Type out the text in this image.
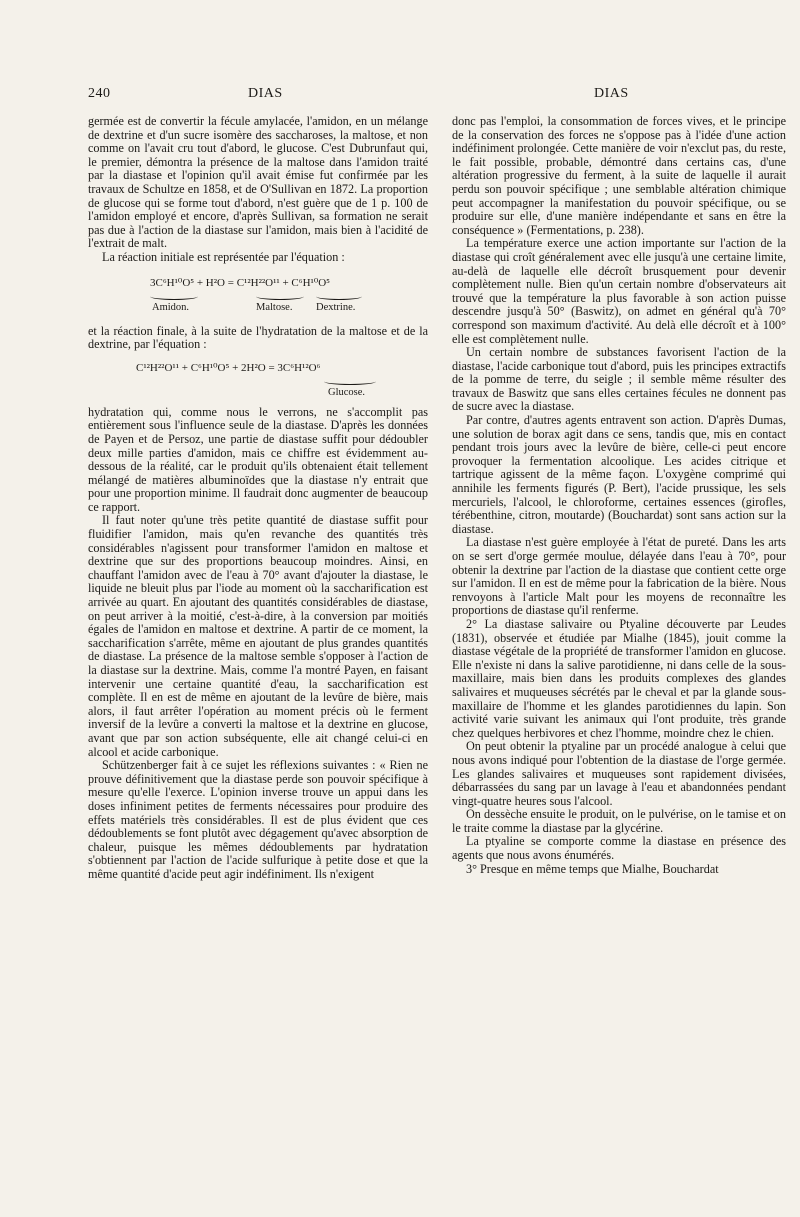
240	DIAS	DIAS

germée est de convertir la fécule amylacée, l'amidon, en un mélange de dextrine et d'un sucre isomère des saccharoses, la maltose, et non comme on l'avait cru tout d'abord, le glucose. C'est Dubrunfaut qui, le premier, démontra la présence de la maltose dans l'amidon traité par la diastase et l'opinion qu'il avait émise fut confirmée par les travaux de Schultze en 1858, et de O'Sullivan en 1872. La proportion de glucose qui se forme tout d'abord, n'est guère que de 1 p. 100 de l'amidon employé et encore, d'après Sullivan, sa formation ne serait pas due à l'action de la diastase sur l'amidon, mais bien à l'acidité de l'extrait de malt.

La réaction initiale est représentée par l'équation :

3C⁶H¹⁰O⁵ + H²O = C¹²H²²O¹¹ + C⁶H¹⁰O⁵
Amidon.	Maltose. Dextrine.

et la réaction finale, à la suite de l'hydratation de la maltose et de la dextrine, par l'équation :

C¹²H²²O¹¹ + C⁶H¹⁰O⁵ + 2H²O = 3C⁶H¹²O⁶
Glucose.

hydratation qui, comme nous le verrons, ne s'accomplit pas entièrement sous l'influence seule de la diastase. D'après les données de Payen et de Persoz, une partie de diastase suffit pour dédoubler deux mille parties d'amidon, mais ce chiffre est évidemment au-dessous de la réalité, car le produit qu'ils obtenaient était tellement mélangé de matières albuminoïdes que la diastase n'y entrait que pour une proportion minime. Il faudrait donc augmenter de beaucoup ce rapport.

Il faut noter qu'une très petite quantité de diastase suffit pour fluidifier l'amidon, mais qu'en revanche des quantités très considérables n'agissent pour transformer l'amidon en maltose et dextrine que sur des proportions beaucoup moindres. Ainsi, en chauffant l'amidon avec de l'eau à 70° avant d'ajouter la diastase, le liquide ne bleuit plus par l'iode au moment où la saccharification est arrivée au quart. En ajoutant des quantités considérables de diastase, on peut arriver à la moitié, c'est-à-dire, à la conversion par moitiés égales de l'amidon en maltose et dextrine. A partir de ce moment, la saccharification s'arrête, même en ajoutant de plus grandes quantités de diastase. La présence de la maltose semble s'opposer à l'action de la diastase sur la dextrine. Mais, comme l'a montré Payen, en faisant intervenir une certaine quantité d'eau, la saccharification est complète. Il en est de même en ajoutant de la levûre de bière, mais alors, il faut arrêter l'opération au moment précis où le ferment inversif de la levûre a converti la maltose et la dextrine en glucose, avant que par son action subséquente, elle ait changé celui-ci en alcool et acide carbonique.

Schützenberger fait à ce sujet les réflexions suivantes : « Rien ne prouve définitivement que la diastase perde son pouvoir spécifique à mesure qu'elle l'exerce. L'opinion inverse trouve un appui dans les doses infiniment petites de ferments nécessaires pour produire des effets matériels très considérables. Il est de plus évident que ces dédoublements se font plutôt avec dégagement qu'avec absorption de chaleur, puisque les mêmes dédoublements par hydratation s'obtiennent par l'action de l'acide sulfurique à petite dose et que la même quantité d'acide peut agir indéfiniment. Ils n'exigent

donc pas l'emploi, la consommation de forces vives, et le principe de la conservation des forces ne s'oppose pas à l'idée d'une action indéfiniment prolongée. Cette manière de voir n'exclut pas, du reste, le fait possible, probable, démontré dans certains cas, d'une altération progressive du ferment, à la suite de laquelle il aurait perdu son pouvoir spécifique ; une semblable altération chimique peut accompagner la manifestation du pouvoir spécifique, ou se produire sur elle, d'une manière indépendante et sans en être la conséquence » (Fermentations, p. 238).

La température exerce une action importante sur l'action de la diastase qui croît généralement avec elle jusqu'à une certaine limite, au-delà de laquelle elle décroît brusquement pour devenir complètement nulle. Bien qu'un certain nombre d'observateurs ait trouvé que la température la plus favorable à son action puisse descendre jusqu'à 50° (Baswitz), on admet en général qu'à 70° correspond son maximum d'activité. Au delà elle décroît et à 100° elle est complètement nulle.

Un certain nombre de substances favorisent l'action de la diastase, l'acide carbonique tout d'abord, puis les principes extractifs de la pomme de terre, du seigle ; il semble même résulter des travaux de Baswitz que sans elles certaines fécules ne donnent pas de sucre avec la diastase.

Par contre, d'autres agents entravent son action. D'après Dumas, une solution de borax agit dans ce sens, tandis que, mis en contact pendant trois jours avec la levûre de bière, celle-ci peut encore provoquer la fermentation alcoolique. Les acides citrique et tartrique agissent de la même façon. L'oxygène comprimé qui annihile les ferments figurés (P. Bert), l'acide prussique, les sels mercuriels, l'alcool, le chloroforme, certaines essences (girofles, térébenthine, citron, moutarde) (Bouchardat) sont sans action sur la diastase.

La diastase n'est guère employée à l'état de pureté. Dans les arts on se sert d'orge germée moulue, délayée dans l'eau à 70°, pour obtenir la dextrine par l'action de la diastase que contient cette orge sur l'amidon. Il en est de même pour la fabrication de la bière. Nous renvoyons à l'article Malt pour les moyens de reconnaître les proportions de diastase qu'il renferme.

2° La diastase salivaire ou Ptyaline découverte par Leudes (1831), observée et étudiée par Mialhe (1845), jouit comme la diastase végétale de la propriété de transformer l'amidon en glucose. Elle n'existe ni dans la salive parotidienne, ni dans celle de la sous-maxillaire, mais bien dans les produits complexes des glandes salivaires et muqueuses sécrétés par le cheval et par la glande sous-maxillaire de l'homme et les glandes parotidiennes du lapin. Son activité varie suivant les animaux qui l'ont produite, très grande chez quelques herbivores et chez l'homme, moindre chez le chien.

On peut obtenir la ptyaline par un procédé analogue à celui que nous avons indiqué pour l'obtention de la diastase de l'orge germée. Les glandes salivaires et muqueuses sont rapidement divisées, débarrassées du sang par un lavage à l'eau et abandonnées pendant vingt-quatre heures sous l'alcool.

On dessèche ensuite le produit, on le pulvérise, on le tamise et on le traite comme la diastase par la glycérine.

La ptyaline se comporte comme la diastase en présence des agents que nous avons énumérés.

3° Presque en même temps que Mialhe, Bouchardat
